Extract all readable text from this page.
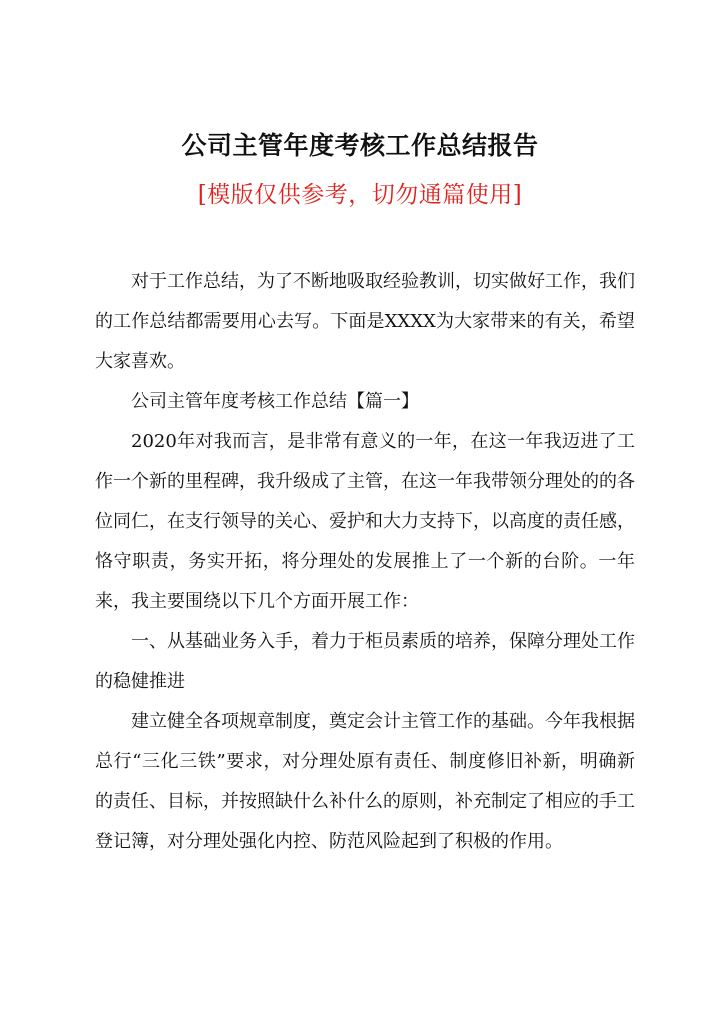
公司主管年度考核工作总结报告
[模版仅供参考，切勿通篇使用]

对于工作总结，为了不断地吸取经验教训，切实做好工作，我们的工作总结都需要用心去写。下面是XXXX为大家带来的有关，希望大家喜欢。

公司主管年度考核工作总结【篇一】

2020年对我而言，是非常有意义的一年，在这一年我迈进了工作一个新的里程碑，我升级成了主管，在这一年我带领分理处的的各位同仁，在支行领导的关心、爱护和大力支持下，以高度的责任感，恪守职责，务实开拓，将分理处的发展推上了一个新的台阶。一年来，我主要围绕以下几个方面开展工作：

一、从基础业务入手，着力于柜员素质的培养，保障分理处工作的稳健推进

建立健全各项规章制度，奠定会计主管工作的基础。今年我根据总行“三化三铁”要求，对分理处原有责任、制度修旧补新，明确新的责任、目标，并按照缺什么补什么的原则，补充制定了相应的手工登记簿，对分理处强化内控、防范风险起到了积极的作用。
